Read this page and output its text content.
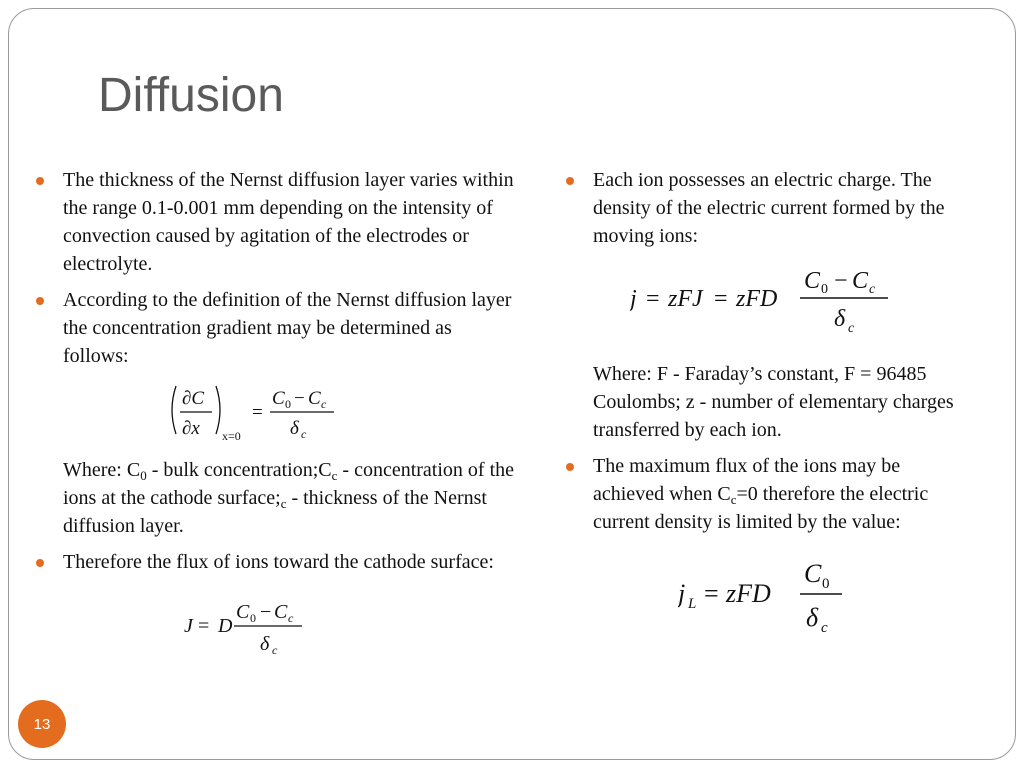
Diffusion
The thickness of the Nernst diffusion layer varies within the range 0.1-0.001 mm depending on the intensity of convection caused by agitation of the electrodes or electrolyte.
According to the definition of the Nernst diffusion layer the concentration gradient may be determined as follows:
∂C
∂x x=0
=
C 0 − C c
δ c
Where: $C_0$ - bulk $concentration;C_c$ - concentration of the ions at the cathode $surface;_c$ - thickness of the Nernst diffusion layer.
Therefore the flux of ions toward the cathode surface:
J = D
C 0 − C c
δ c
Each ion possesses an electric charge. The density of the electric current formed by the moving ions:
j = zFJ = zFD
C 0 − C c
δ c
Where: F - Faraday’s constant, F = 96485 Coulombs; z - number of elementary charges transferred by each ion.
The maximum flux of the ions may be achieved when $C_c=0$ therefore the electric current density is limited by the value:
j L = zFD
C 0
δ c
13
